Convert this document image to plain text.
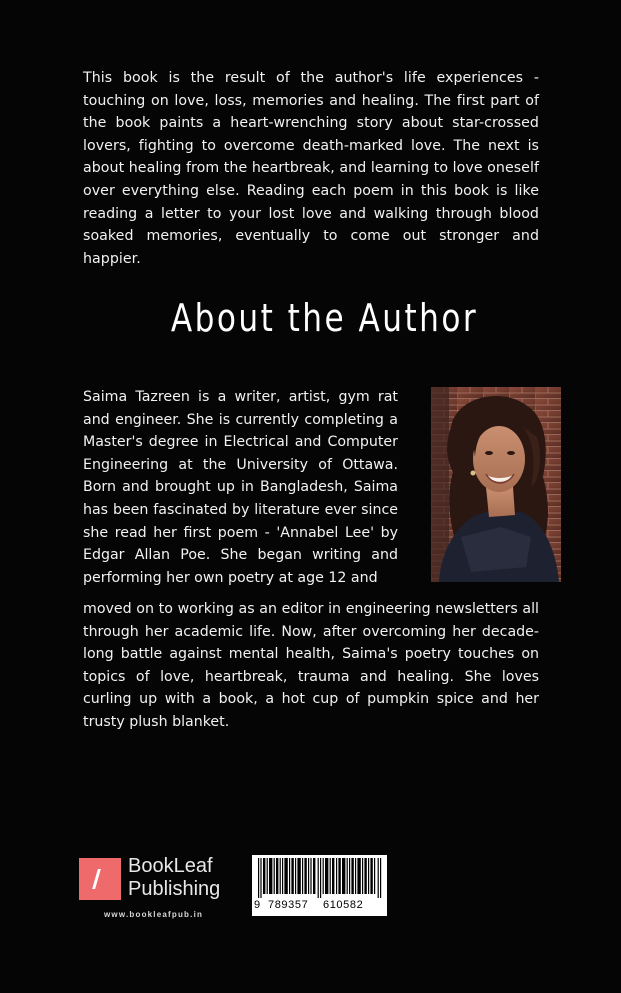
This book is the result of the author's life experiences - touching on love, loss, memories and healing. The first part of the book paints a heart-wrenching story about star-crossed lovers, fighting to overcome death-marked love. The next is about healing from the heartbreak, and learning to love oneself over everything else. Reading each poem in this book is like reading a letter to your lost love and walking through blood soaked memories, eventually to come out stronger and happier.

About the Author

Saima Tazreen is a writer, artist, gym rat and engineer. She is currently completing a Master's degree in Electrical and Computer Engineering at the University of Ottawa. Born and brought up in Bangladesh, Saima has been fascinated by literature ever since she read her first poem - 'Annabel Lee' by Edgar Allan Poe. She began writing and performing her own poetry at age 12 and

moved on to working as an editor in engineering newsletters all through her academic life. Now, after overcoming her decade-long battle against mental health, Saima's poetry touches on topics of love, heartbreak, trauma and healing. She loves curling up with a book, a hot cup of pumpkin spice and her trusty plush blanket.

BookLeaf
Publishing
www.bookleafpub.in
9 789357 610582
